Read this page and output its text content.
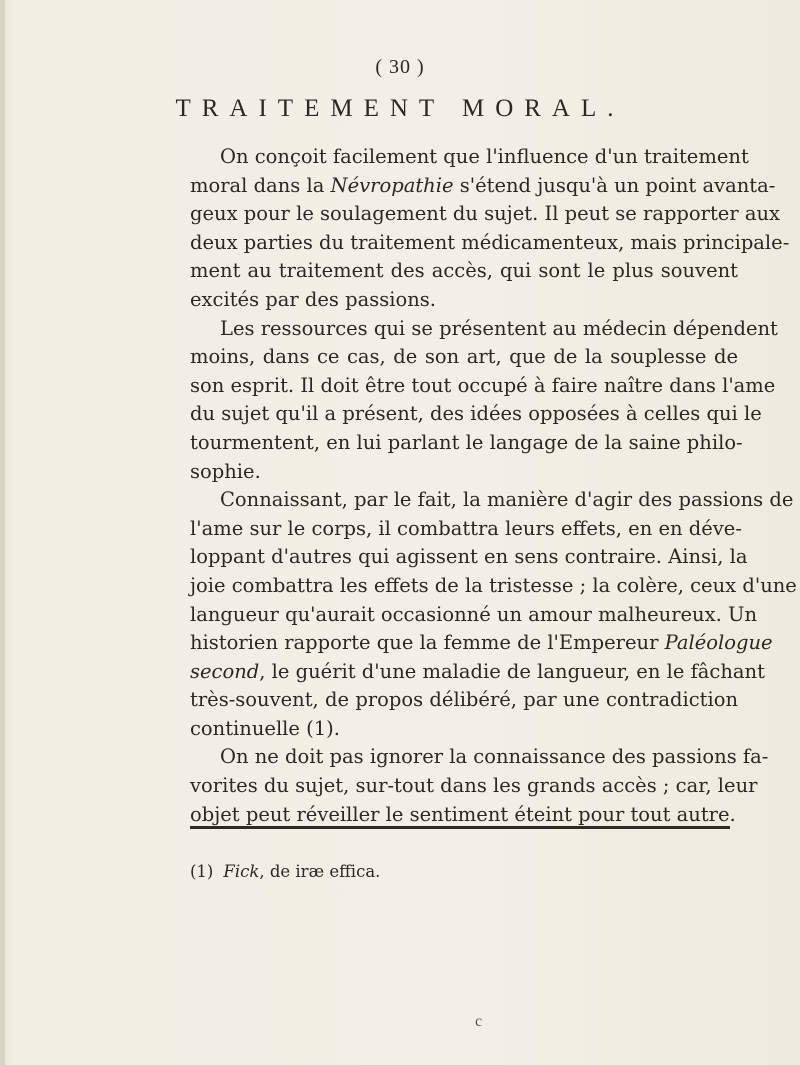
( 30 )
TRAITEMENT MORAL.
On conçoit facilement que l'influence d'un traitement
moral dans la Névropathie s'étend jusqu'à un point avanta-
geux pour le soulagement du sujet. Il peut se rapporter aux
deux parties du traitement médicamenteux, mais principale-
ment au traitement des accès, qui sont le plus souvent
excités par des passions.
Les ressources qui se présentent au médecin dépendent
moins, dans ce cas, de son art, que de la souplesse de
son esprit. Il doit être tout occupé à faire naître dans l'ame
du sujet qu'il a présent, des idées opposées à celles qui le
tourmentent, en lui parlant le langage de la saine philo-
sophie.
Connaissant, par le fait, la manière d'agir des passions de
l'ame sur le corps, il combattra leurs effets, en en déve-
loppant d'autres qui agissent en sens contraire. Ainsi, la
joie combattra les effets de la tristesse ; la colère, ceux d'une
langueur qu'aurait occasionné un amour malheureux. Un
historien rapporte que la femme de l'Empereur Paléologue
second, le guérit d'une maladie de langueur, en le fâchant
très-souvent, de propos délibéré, par une contradiction
continuelle (1).
On ne doit pas ignorer la connaissance des passions fa-
vorites du sujet, sur-tout dans les grands accès ; car, leur
objet peut réveiller le sentiment éteint pour tout autre.
(1) Fick, de iræ effica.
c
